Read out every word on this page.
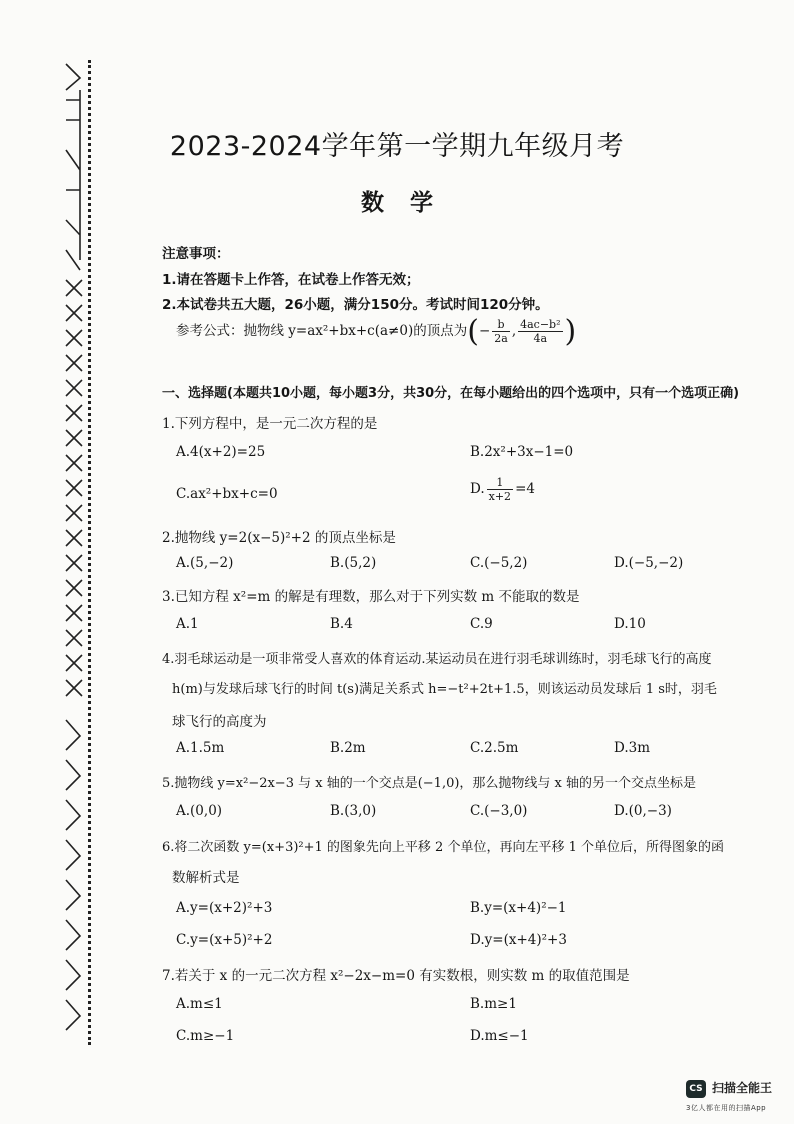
2023-2024学年第一学期九年级月考
数学
注意事项：
1.请在答题卡上作答，在试卷上作答无效；
2.本试卷共五大题，26小题，满分150分。考试时间120分钟。
参考公式：抛物线 y=ax²+bx+c(a≠0)的顶点为(− $\frac{b}{2a}$ , $\frac{\text{4ac−b²}}{4a}$ )
一、选择题(本题共10小题，每小题3分，共30分，在每小题给出的四个选项中，只有一个选项正确)
1.下列方程中，是一元二次方程的是
A.4(x+2)=25	B.2x²+3x−1=0
C.ax²+bx+c=0	D. $\frac{1}{x+2} =4$
2.抛物线 y=2(x−5)²+2 的顶点坐标是
A.(5,−2)	B.(5,2)	C.(−5,2)	D.(−5,−2)
3.已知方程 x²=m 的解是有理数，那么对于下列实数 m 不能取的数是
A.1	B.4	C.9	D.10
4.羽毛球运动是一项非常受人喜欢的体育运动.某运动员在进行羽毛球训练时，羽毛球飞行的高度
h(m)与发球后球飞行的时间 t(s)满足关系式 h=−t²+2t+1.5，则该运动员发球后 1 s时，羽毛
球飞行的高度为
A.1.5m	B.2m	C.2.5m	D.3m
5.抛物线 y=x²−2x−3 与 x 轴的一个交点是(−1,0)，那么抛物线与 x 轴的另一个交点坐标是
A.(0,0)	B.(3,0)	C.(−3,0)	D.(0,−3)
6.将二次函数 y=(x+3)²+1 的图象先向上平移 2 个单位，再向左平移 1 个单位后，所得图象的函
数解析式是
A.y=(x+2)²+3	B.y=(x+4)²−1
C.y=(x+5)²+2	D.y=(x+4)²+3
7.若关于 x 的一元二次方程 x²−2x−m=0 有实数根，则实数 m 的取值范围是
A.m≤1	B.m≥1
C.m≥−1	D.m≤−1
CS 扫描全能王
3亿人都在用的扫描App
